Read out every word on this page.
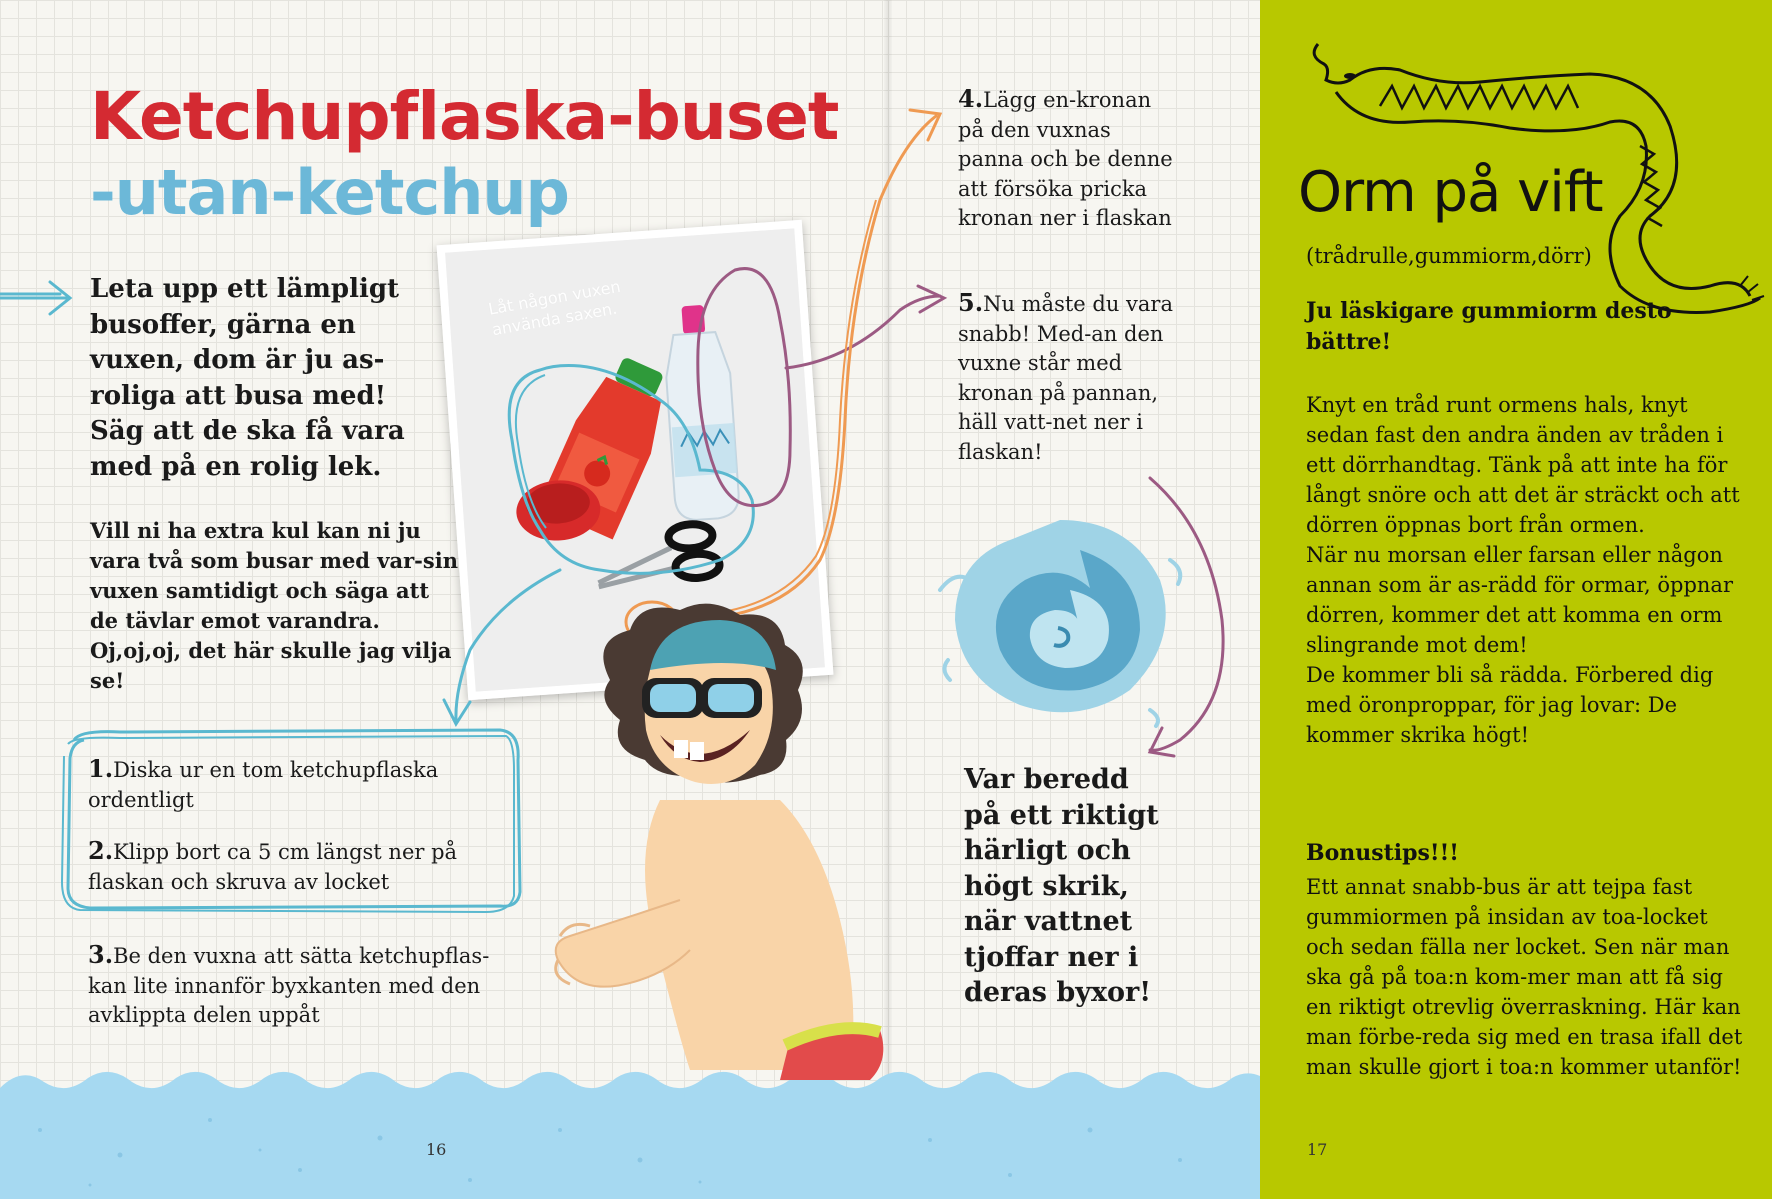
Låt någon vuxen använda saxen.
Ketchupflaska-buset
-utan-ketchup
Leta upp ett lämpligt busoffer, gärna en vuxen, dom är ju as-roliga att busa med! Säg att de ska få vara med på en rolig lek.
Vill ni ha extra kul kan ni ju vara två som busar med var-sin vuxen samtidigt och säga att de tävlar emot varandra. Oj,oj,oj, det här skulle jag vilja se!
1.Diska ur en tom ketchupflaska ordentligt
2.Klipp bort ca 5 cm längst ner på flaskan och skruva av locket
3.Be den vuxna att sätta ketchupflas-kan lite innanför byxkanten med den avklippta delen uppåt
4.Lägg en-kronan på den vuxnas panna och be denne att försöka pricka kronan ner i flaskan
5.Nu måste du vara snabb! Med-an den vuxne står med kronan på pannan, häll vatt-net ner i flaskan!
Var beredd på ett riktigt härligt och högt skrik, när vattnet tjoffar ner i deras byxor!
16
Orm på vift
(trådrulle,gummiorm,dörr)
Ju läskigare gummiorm desto bättre!
Knyt en tråd runt ormens hals, knyt sedan fast den andra änden av tråden i ett dörrhandtag. Tänk på att inte ha för långt snöre och att det är sträckt och att dörren öppnas bort från ormen.
När nu morsan eller farsan eller någon annan som är as-rädd för ormar, öppnar dörren, kommer det att komma en orm slingrande mot dem!
De kommer bli så rädda. Förbered dig med öronproppar, för jag lovar: De kommer skrika högt!
Bonustips!!!
Ett annat snabb-bus är att tejpa fast gummiormen på insidan av toa-locket och sedan fälla ner locket. Sen när man ska gå på toa:n kom-mer man att få sig en riktigt otrevlig överraskning. Här kan man förbe-reda sig med en trasa ifall det man skulle gjort i toa:n kommer utanför!
17
